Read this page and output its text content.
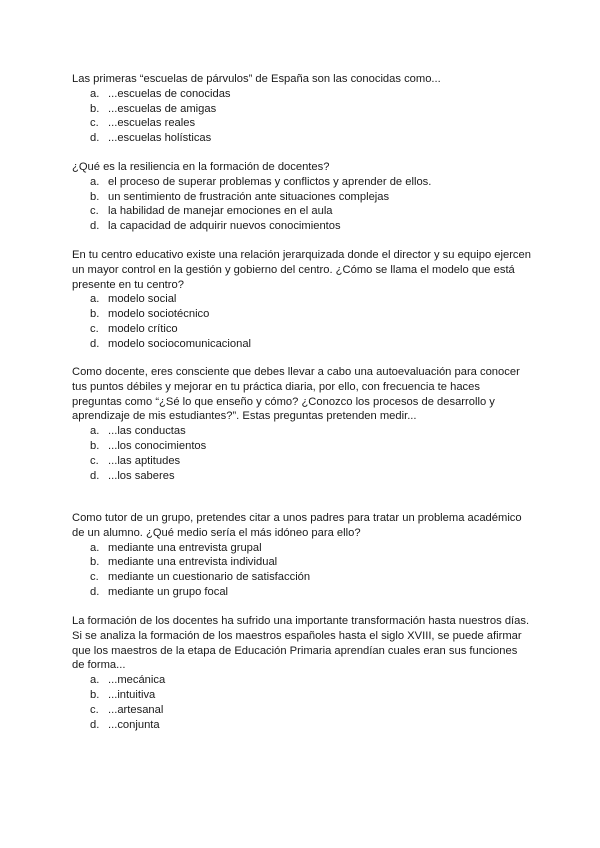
Las primeras “escuelas de párvulos” de España son las conocidas como...

a. ...escuelas de conocidas
b. ...escuelas de amigas
c. ...escuelas reales
d. ...escuelas holísticas

¿Qué es la resiliencia en la formación de docentes?

a. el proceso de superar problemas y conflictos y aprender de ellos.
b. un sentimiento de frustración ante situaciones complejas
c. la habilidad de manejar emociones en el aula
d. la capacidad de adquirir nuevos conocimientos

En tu centro educativo existe una relación jerarquizada donde el director y su equipo ejercen un mayor control en la gestión y gobierno del centro. ¿Cómo se llama el modelo que está presente en tu centro?

a. modelo social
b. modelo sociotécnico
c. modelo crítico
d. modelo sociocomunicacional

Como docente, eres consciente que debes llevar a cabo una autoevaluación para conocer tus puntos débiles y mejorar en tu práctica diaria, por ello, con frecuencia te haces preguntas como “¿Sé lo que enseño y cómo? ¿Conozco los procesos de desarrollo y aprendizaje de mis estudiantes?”. Estas preguntas pretenden medir...

a. ...las conductas
b. ...los conocimientos
c. ...las aptitudes
d. ...los saberes

Como tutor de un grupo, pretendes citar a unos padres para tratar un problema académico de un alumno. ¿Qué medio sería el más idóneo para ello?

a. mediante una entrevista grupal
b. mediante una entrevista individual
c. mediante un cuestionario de satisfacción
d. mediante un grupo focal

La formación de los docentes ha sufrido una importante transformación hasta nuestros días. Si se analiza la formación de los maestros españoles hasta el siglo XVIII, se puede afirmar que los maestros de la etapa de Educación Primaria aprendían cuales eran sus funciones de forma...

a. ...mecánica
b. ...intuitiva
c. ...artesanal
d. ...conjunta
